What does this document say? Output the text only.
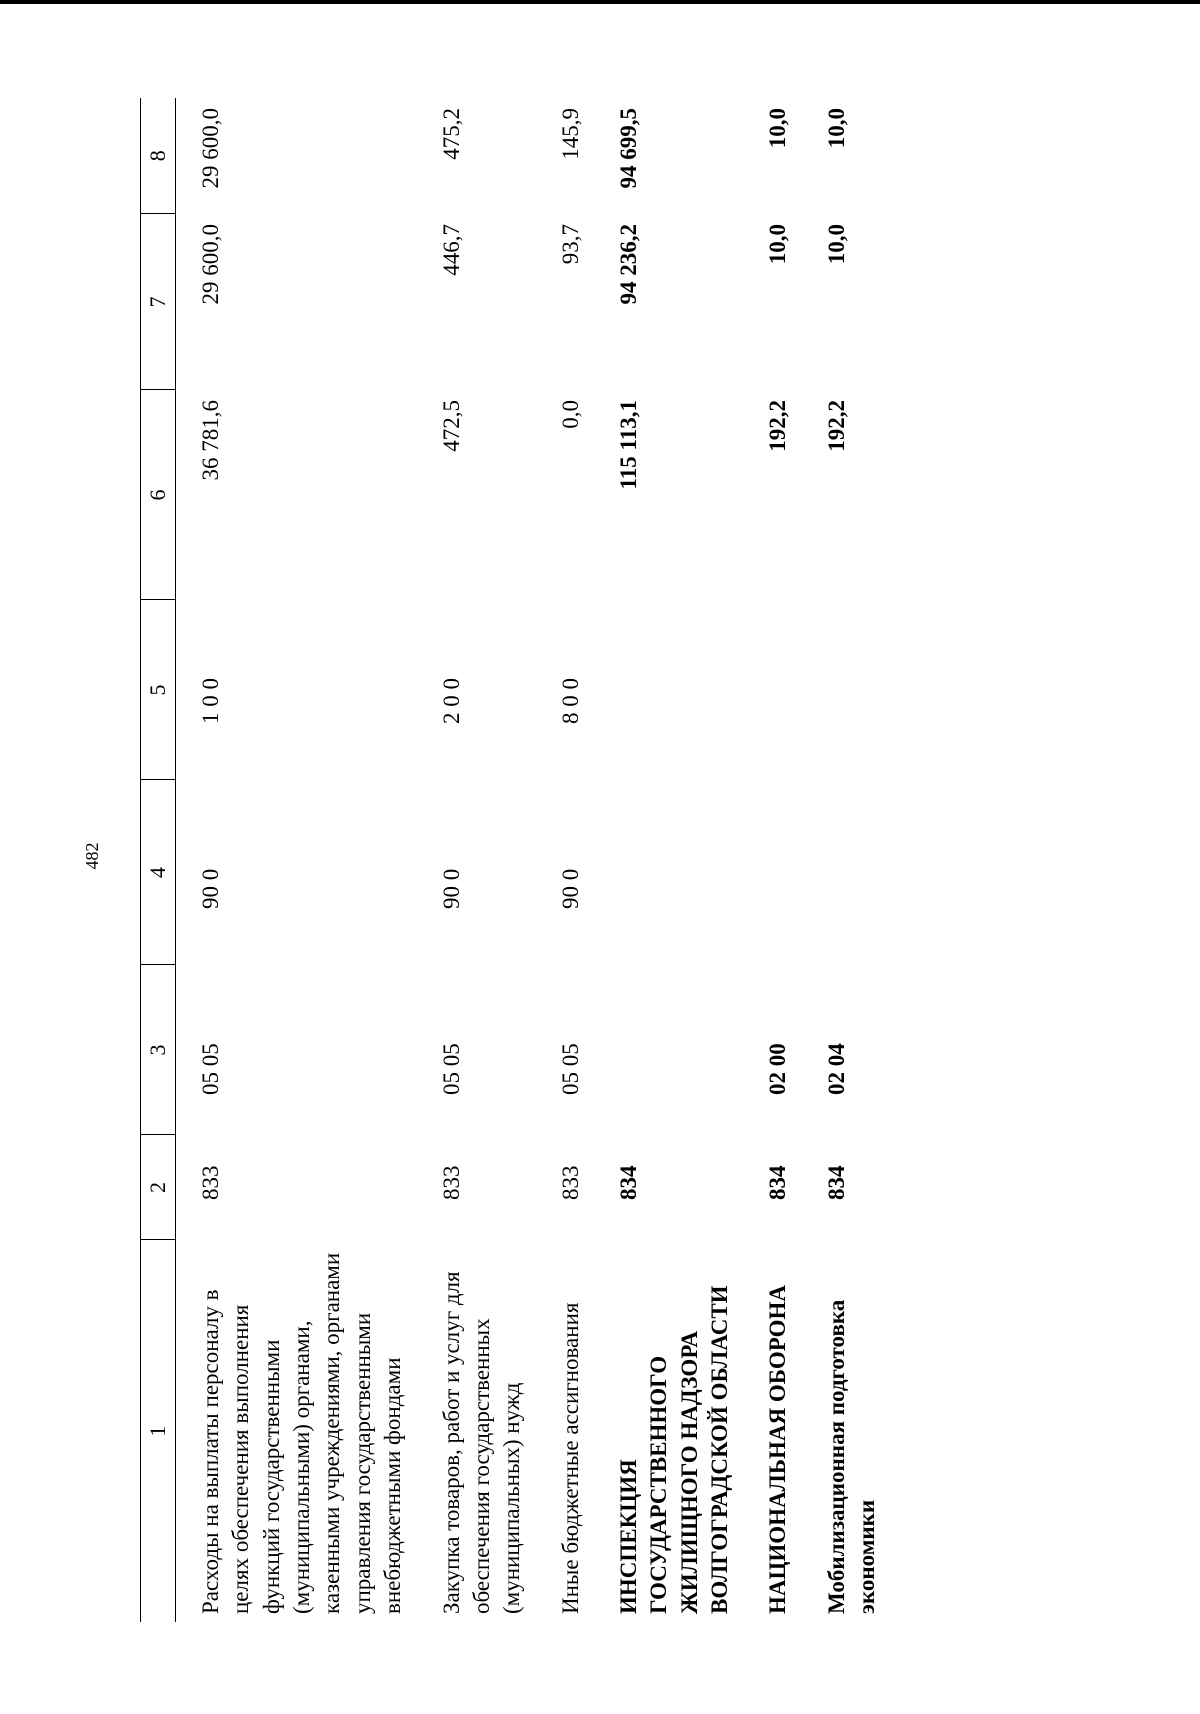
482
1	2	3	4	5	6	7	8
Расходы на выплаты персоналу в целях обеспечения выполнения функций государственными (муниципальными) органами, казенными учреждениями, органами управления государственными внебюджетными фондами	833	05 05	90 0	1 0 0	36 781,6	29 600,0	29 600,0
Закупка товаров, работ и услуг для обеспечения государственных (муниципальных) нужд	833	05 05	90 0	2 0 0	472,5	446,7	475,2
Иные бюджетные ассигнования	833	05 05	90 0	8 0 0	0,0	93,7	145,9
ИНСПЕКЦИЯ ГОСУДАРСТВЕННОГО ЖИЛИЩНОГО НАДЗОРА ВОЛГОГРАДСКОЙ ОБЛАСТИ	834				115 113,1	94 236,2	94 699,5
НАЦИОНАЛЬНАЯ ОБОРОНА	834	02 00			192,2	10,0	10,0
Мобилизационная подготовка экономики	834	02 04			192,2	10,0	10,0
